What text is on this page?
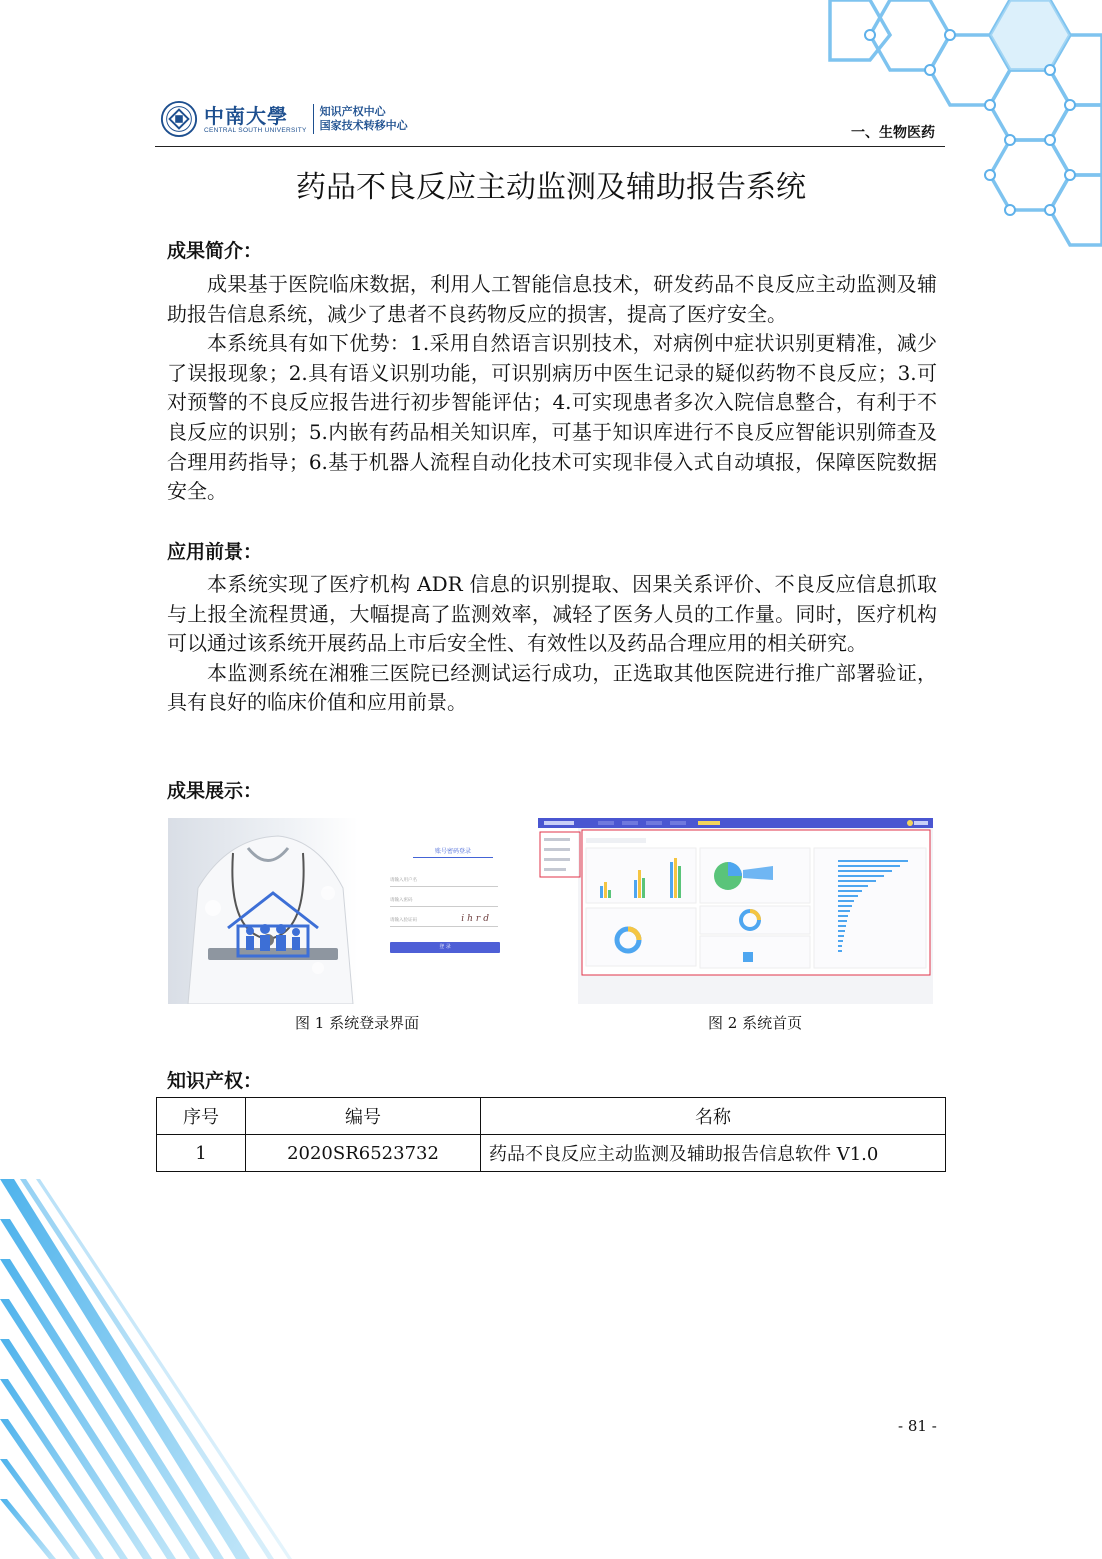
中南大學
CENTRAL SOUTH UNIVERSITY
知识产权中心
国家技术转移中心	一、生物医药
药品不良反应主动监测及辅助报告系统
成果简介：

成果基于医院临床数据，利用人工智能信息技术，研发药品不良反应主动监测及辅助报告信息系统，减少了患者不良药物反应的损害，提高了医疗安全。

本系统具有如下优势：1.采用自然语言识别技术，对病例中症状识别更精准，减少了误报现象；2.具有语义识别功能，可识别病历中医生记录的疑似药物不良反应；3.可对预警的不良反应报告进行初步智能评估；4.可实现患者多次入院信息整合，有利于不良反应的识别；5.内嵌有药品相关知识库，可基于知识库进行不良反应智能识别筛查及合理用药指导；6.基于机器人流程自动化技术可实现非侵入式自动填报，保障医院数据安全。

应用前景：

本系统实现了医疗机构 ADR 信息的识别提取、因果关系评价、不良反应信息抓取与上报全流程贯通，大幅提高了监测效率，减轻了医务人员的工作量。同时，医疗机构可以通过该系统开展药品上市后安全性、有效性以及药品合理应用的相关研究。

本监测系统在湘雅三医院已经测试运行成功，正选取其他医院进行推广部署验证，具有良好的临床价值和应用前景。

成果展示：
账号密码登录
请输入用户名
请输入密码
请输入验证码	ihrd
登 录
图 1 系统登录界面	图 2 系统首页
知识产权：
序号	编号	名称
1	2020SR6523732	药品不良反应主动监测及辅助报告信息软件 V1.0
- 81 -
